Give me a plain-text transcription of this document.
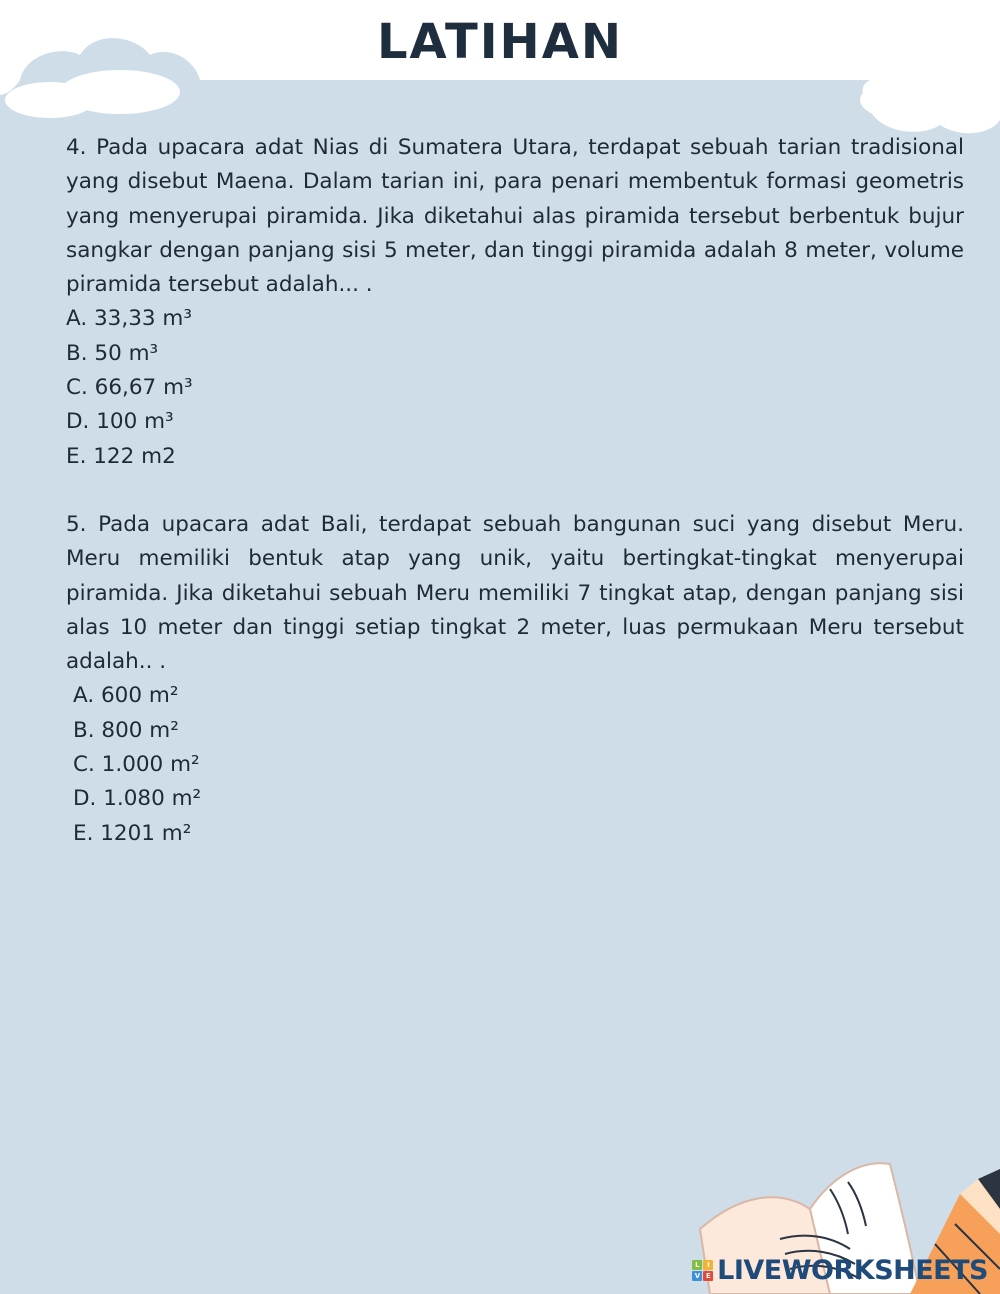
LATIHAN

4. Pada upacara adat Nias di Sumatera Utara, terdapat sebuah tarian tradisional yang disebut Maena. Dalam tarian ini, para penari membentuk formasi geometris yang menyerupai piramida. Jika diketahui alas piramida tersebut berbentuk bujur sangkar dengan panjang sisi 5 meter, dan tinggi piramida adalah 8 meter, volume piramida tersebut adalah... .

A. 33,33 m³
B. 50 m³
C. 66,67 m³
D. 100 m³
E. 122 m2

5. Pada upacara adat Bali, terdapat sebuah bangunan suci yang disebut Meru. Meru memiliki bentuk atap yang unik, yaitu bertingkat-tingkat menyerupai piramida. Jika diketahui sebuah Meru memiliki 7 tingkat atap, dengan panjang sisi alas 10 meter dan tinggi setiap tingkat 2 meter, luas permukaan Meru tersebut adalah.. .

A. 600 m²
B. 800 m²
C. 1.000 m²
D. 1.080 m²
E. 1201 m²
L	I
V E LIVEWORKSHEETS
